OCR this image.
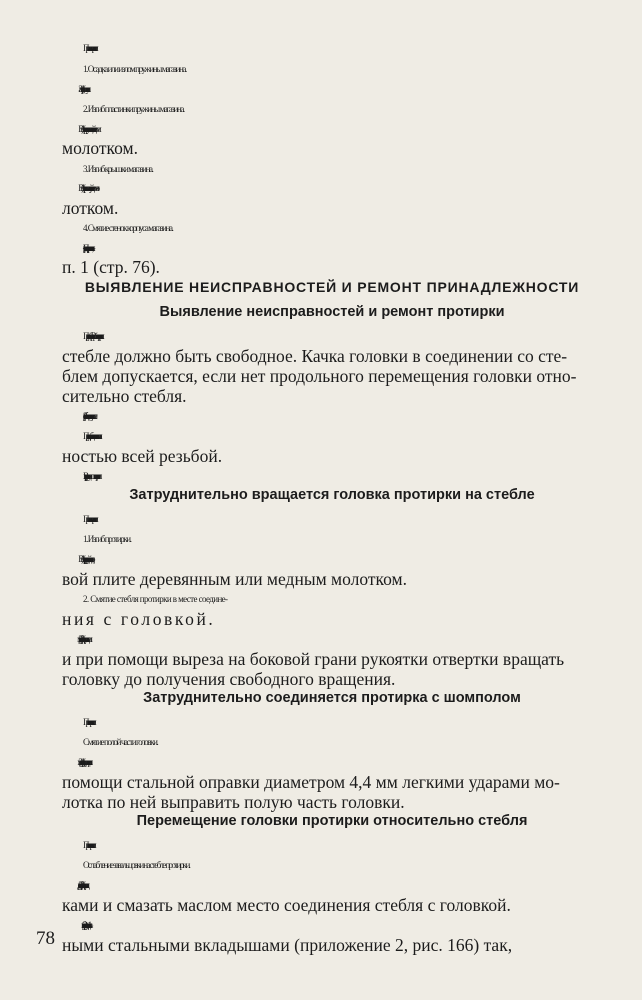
Причины неисправности:

1. Осадка или излом пружины магазина.

(I) Заменить пружину магазина.

2. Изгиб пластинки пружины магазина.

(I) Выправить пластинку пружины на стальной плите медным

молотком.

3. Изгиб крышки магазина.

(I) Выправить крышку магазина на стальной плите медным мо-

лотком.

4. Смятие стенок корпуса магазина.

См. раздел «Не подаются патроны из магазина в патронник»,

п. 1 (стр. 76).

ВЫЯВЛЕНИЕ НЕИСПРАВНОСТЕЙ И РЕМОНТ ПРИНАДЛЕЖНОСТИ

Выявление неисправностей и ремонт протирки

Протирка должна быть прямой. Вращение головки протирки на

стебле должно быть свободное. Качка головки в соединении со сте-

блем допускается, если нет продольного перемещения головки отно-

сительно стебля.

Забитость и срыв резьбы для шомпола не допускаются.

Протирка должна свободно навинчиваться на шомпол пол-

ностью всей резьбой.

В протирке встречаются следующие неисправности.

Затруднительно вращается головка протирки на стебле

Причины неисправности:

1. Изгиб протирки.

(I) Выправить протирку на деревянной подкладке или свинцо-

вой плите деревянным или медным молотком.

2. Смятие стебля протирки в месте соедине-

ния с головкой.

(I) Зажать стебель протирки в тисках с медными прокладками

и при помощи выреза на боковой грани рукоятки отвертки вращать

головку до получения свободного вращения.

Затруднительно соединяется протирка с шомполом

Причина неисправности:

Смятие полой части головки.

(I) Зажать протирку в тисках с медными прокладками и при

помощи стальной оправки диаметром 4,4 мм легкими ударами мо-

лотка по ней выправить полую часть головки.

Перемещение головки протирки относительно стебля

Причина неисправности:

Ослабление завальцовки на стебле протирки.

(I) Зажать стебель протирки в тисках с деревянными проклад-

ками и смазать маслом место соединения стебля с головкой.

Затем надеть на стебель протирки клупп № 1 с двумя специаль-

ными стальными вкладышами (приложение 2, рис. 166) так,

78
